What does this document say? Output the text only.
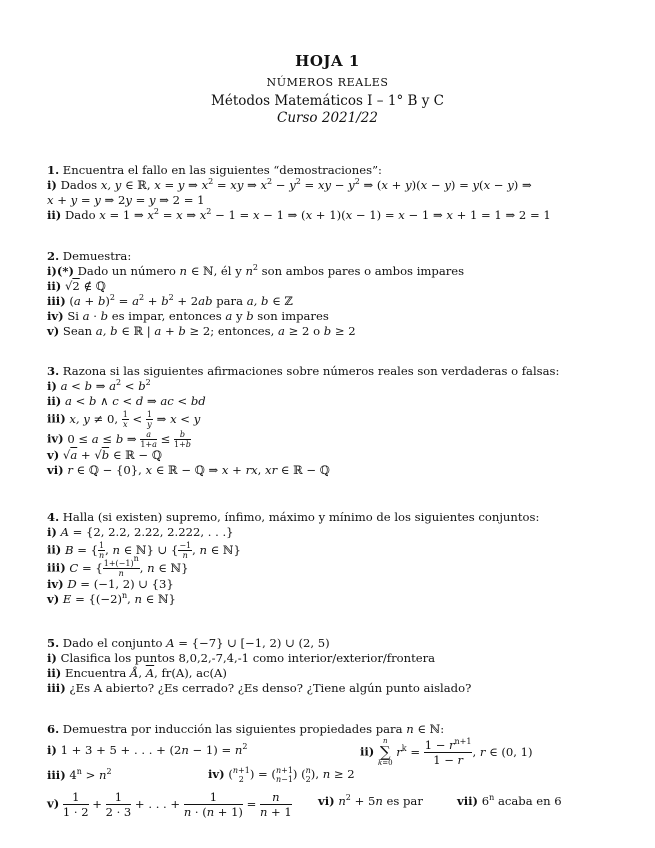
HOJA 1
NÚMEROS REALES
Métodos Matemáticos I – 1° B y C
Curso 2021/22
1. Encuentra el fallo en las siguientes “demostraciones”:
i) Dados x, y ∈ ℝ, x = y ⇒ $x^2$ = xy ⇒ $x^2 - y^2$ = xy − $y^2$ ⇒ (x + y)(x − y) = y(x − y) ⇒
x + y = y ⇒ 2y = y ⇒ 2 = 1
ii) Dado x = 1 ⇒ $x^2 = x$ ⇒ $x^2 - 1 = x - 1$ ⇒ (x + 1)(x − 1) = x − 1 ⇒ x + 1 = 1 ⇒ 2 = 1
2. Demuestra:
i)(*) Dado un número n ∈ ℕ, él y $n^2$ son ambos pares o ambos impares
ii) √2 ∉ ℚ
iii) $(a + b)^2 = a^2 + b^2 + 2ab$ para a, b ∈ ℤ
iv) Si a · b es impar, entonces a y b son impares
v) Sean a, b ∈ ℝ | a + b ≥ 2; entonces, a ≥ 2 o b ≥ 2
3. Razona si las siguientes afirmaciones sobre números reales son verdaderas o falsas:
i) a < b ⇒ $a^2 < b^2$
ii) a < b ∧ c < d ⇒ ac < bd
iii) x, y ≠ 0, $\frac{1}{x} < \frac{1}{y}$ ⇒ x < y
iv) 0 ≤ a ≤ b ⇒ $\frac{a}{1+a} \le \frac{b}{1+b}$
v) √a + √b ∈ ℝ − ℚ
vi) r ∈ ℚ − {0}, x ∈ ℝ − ℚ ⇒ x + rx, xr ∈ ℝ − ℚ
4. Halla (si existen) supremo, ínfimo, máximo y mínimo de los siguientes conjuntos:
i) A = {2, 2.2, 2.22, 2.222, . . .}
ii) B = { $\frac{1}{n}$ , n ∈ ℕ} ∪ { $\frac{-1}{n}$ , n ∈ ℕ}
iii) C = { $\frac{1+(-1)^n}{n}$ , n ∈ ℕ}
iv) D = (−1, 2) ∪ {3}
v) $E = \{(-2)^n$, n ∈ ℕ}
5. Dado el conjunto A = {−7} ∪ [−1, 2) ∪ (2, 5)
i) Clasifica los puntos 8,0,2,-7,4,-1 como interior/exterior/frontera
ii) Encuentra Å, $\overline{A}$, fr(A), ac(A)
iii) ¿Es A abierto? ¿Es cerrado? ¿Es denso? ¿Tiene algún punto aislado?
6. Demuestra por inducción las siguientes propiedades para n ∈ ℕ:
i) 1 + 3 + 5 + . . . + $(2n - 1) = n^2$	ii)
n
∑
k=0
$r^k = \frac{1 - r^{n+1}}{1 - r}$ , r ∈ (0, 1)
iii) $4^n > n^2$	iv) ( n+1
2 ) = ( n+1
n−1 ) ( n
2 ), n ≥ 2
$v) \frac{1}{1 \cdot 2} + \frac{1}{2 \cdot 3}$ + . . . + $\frac{1}{n \cdot (n + 1)} = \frac{n}{n + 1} vi$) $n^2 + 5n$ es par	vii) 6$^n$ acaba en 6
